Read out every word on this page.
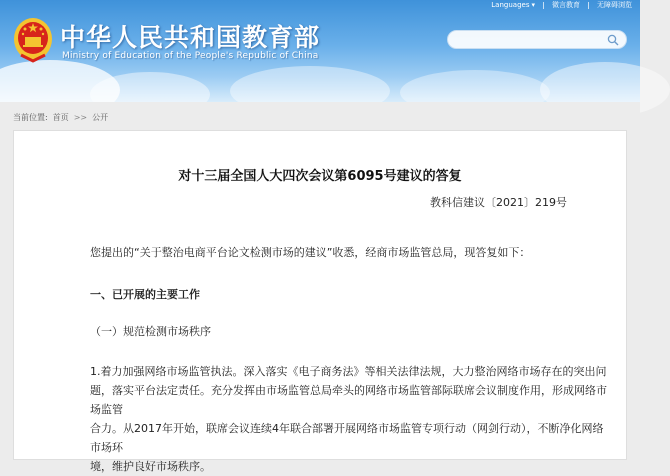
中华人民共和国教育部
Ministry of Education of the People's Republic of China
Languages ▾ 微言教育 无障碍浏览
当前位置: 首页 >> 公开
对十三届全国人大四次会议第6095号建议的答复
教科信建议〔2021〕219号
您提出的“关于整治电商平台论文检测市场的建议”收悉，经商市场监管总局，现答复如下：
一、已开展的主要工作
（一）规范检测市场秩序
1.着力加强网络市场监管执法。深入落实《电子商务法》等相关法律法规，大力整治网络市场存在的突出问
题，落实平台法定责任。充分发挥由市场监管总局牵头的网络市场监管部际联席会议制度作用，形成网络市场监管
合力。从2017年开始，联席会议连续4年联合部署开展网络市场监管专项行动（网剑行动），不断净化网络市场环
境，维护良好市场秩序。
